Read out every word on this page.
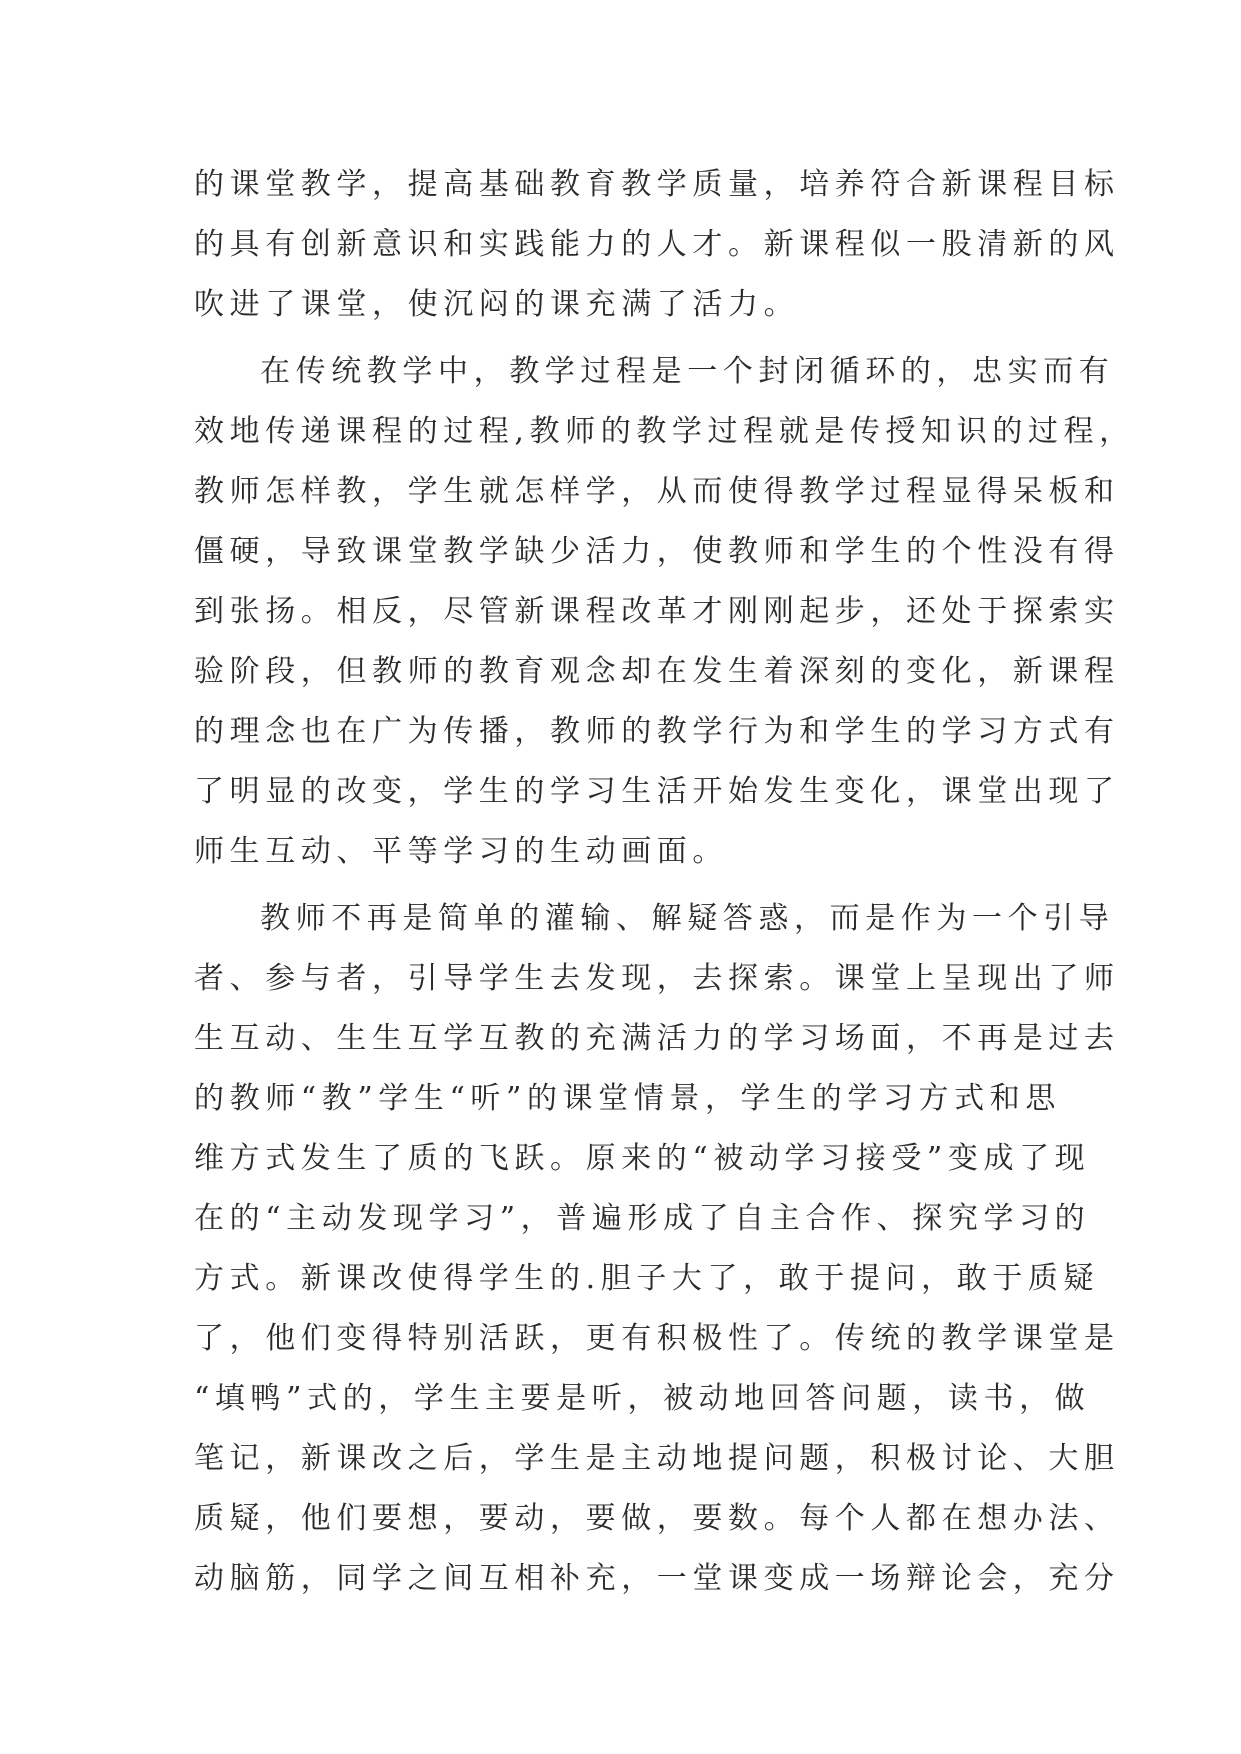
的课堂教学，提高基础教育教学质量，培养符合新课程目标
的具有创新意识和实践能力的人才。新课程似一股清新的风
吹进了课堂，使沉闷的课充满了活力。
在传统教学中，教学过程是一个封闭循环的，忠实而有
效地传递课程的过程,教师的教学过程就是传授知识的过程，
教师怎样教，学生就怎样学，从而使得教学过程显得呆板和
僵硬，导致课堂教学缺少活力，使教师和学生的个性没有得
到张扬。相反，尽管新课程改革才刚刚起步，还处于探索实
验阶段，但教师的教育观念却在发生着深刻的变化，新课程
的理念也在广为传播，教师的教学行为和学生的学习方式有
了明显的改变，学生的学习生活开始发生变化，课堂出现了
师生互动、平等学习的生动画面。
教师不再是简单的灌输、解疑答惑，而是作为一个引导
者、参与者，引导学生去发现，去探索。课堂上呈现出了师
生互动、生生互学互教的充满活力的学习场面，不再是过去
的教师“教”学生“听”的课堂情景，学生的学习方式和思
维方式发生了质的飞跃。原来的“被动学习接受”变成了现
在的“主动发现学习”，普遍形成了自主合作、探究学习的
方式。新课改使得学生的.胆子大了，敢于提问，敢于质疑
了，他们变得特别活跃，更有积极性了。传统的教学课堂是
“填鸭”式的，学生主要是听，被动地回答问题，读书，做
笔记，新课改之后，学生是主动地提问题，积极讨论、大胆
质疑，他们要想，要动，要做，要数。每个人都在想办法、
动脑筋，同学之间互相补充，一堂课变成一场辩论会，充分
